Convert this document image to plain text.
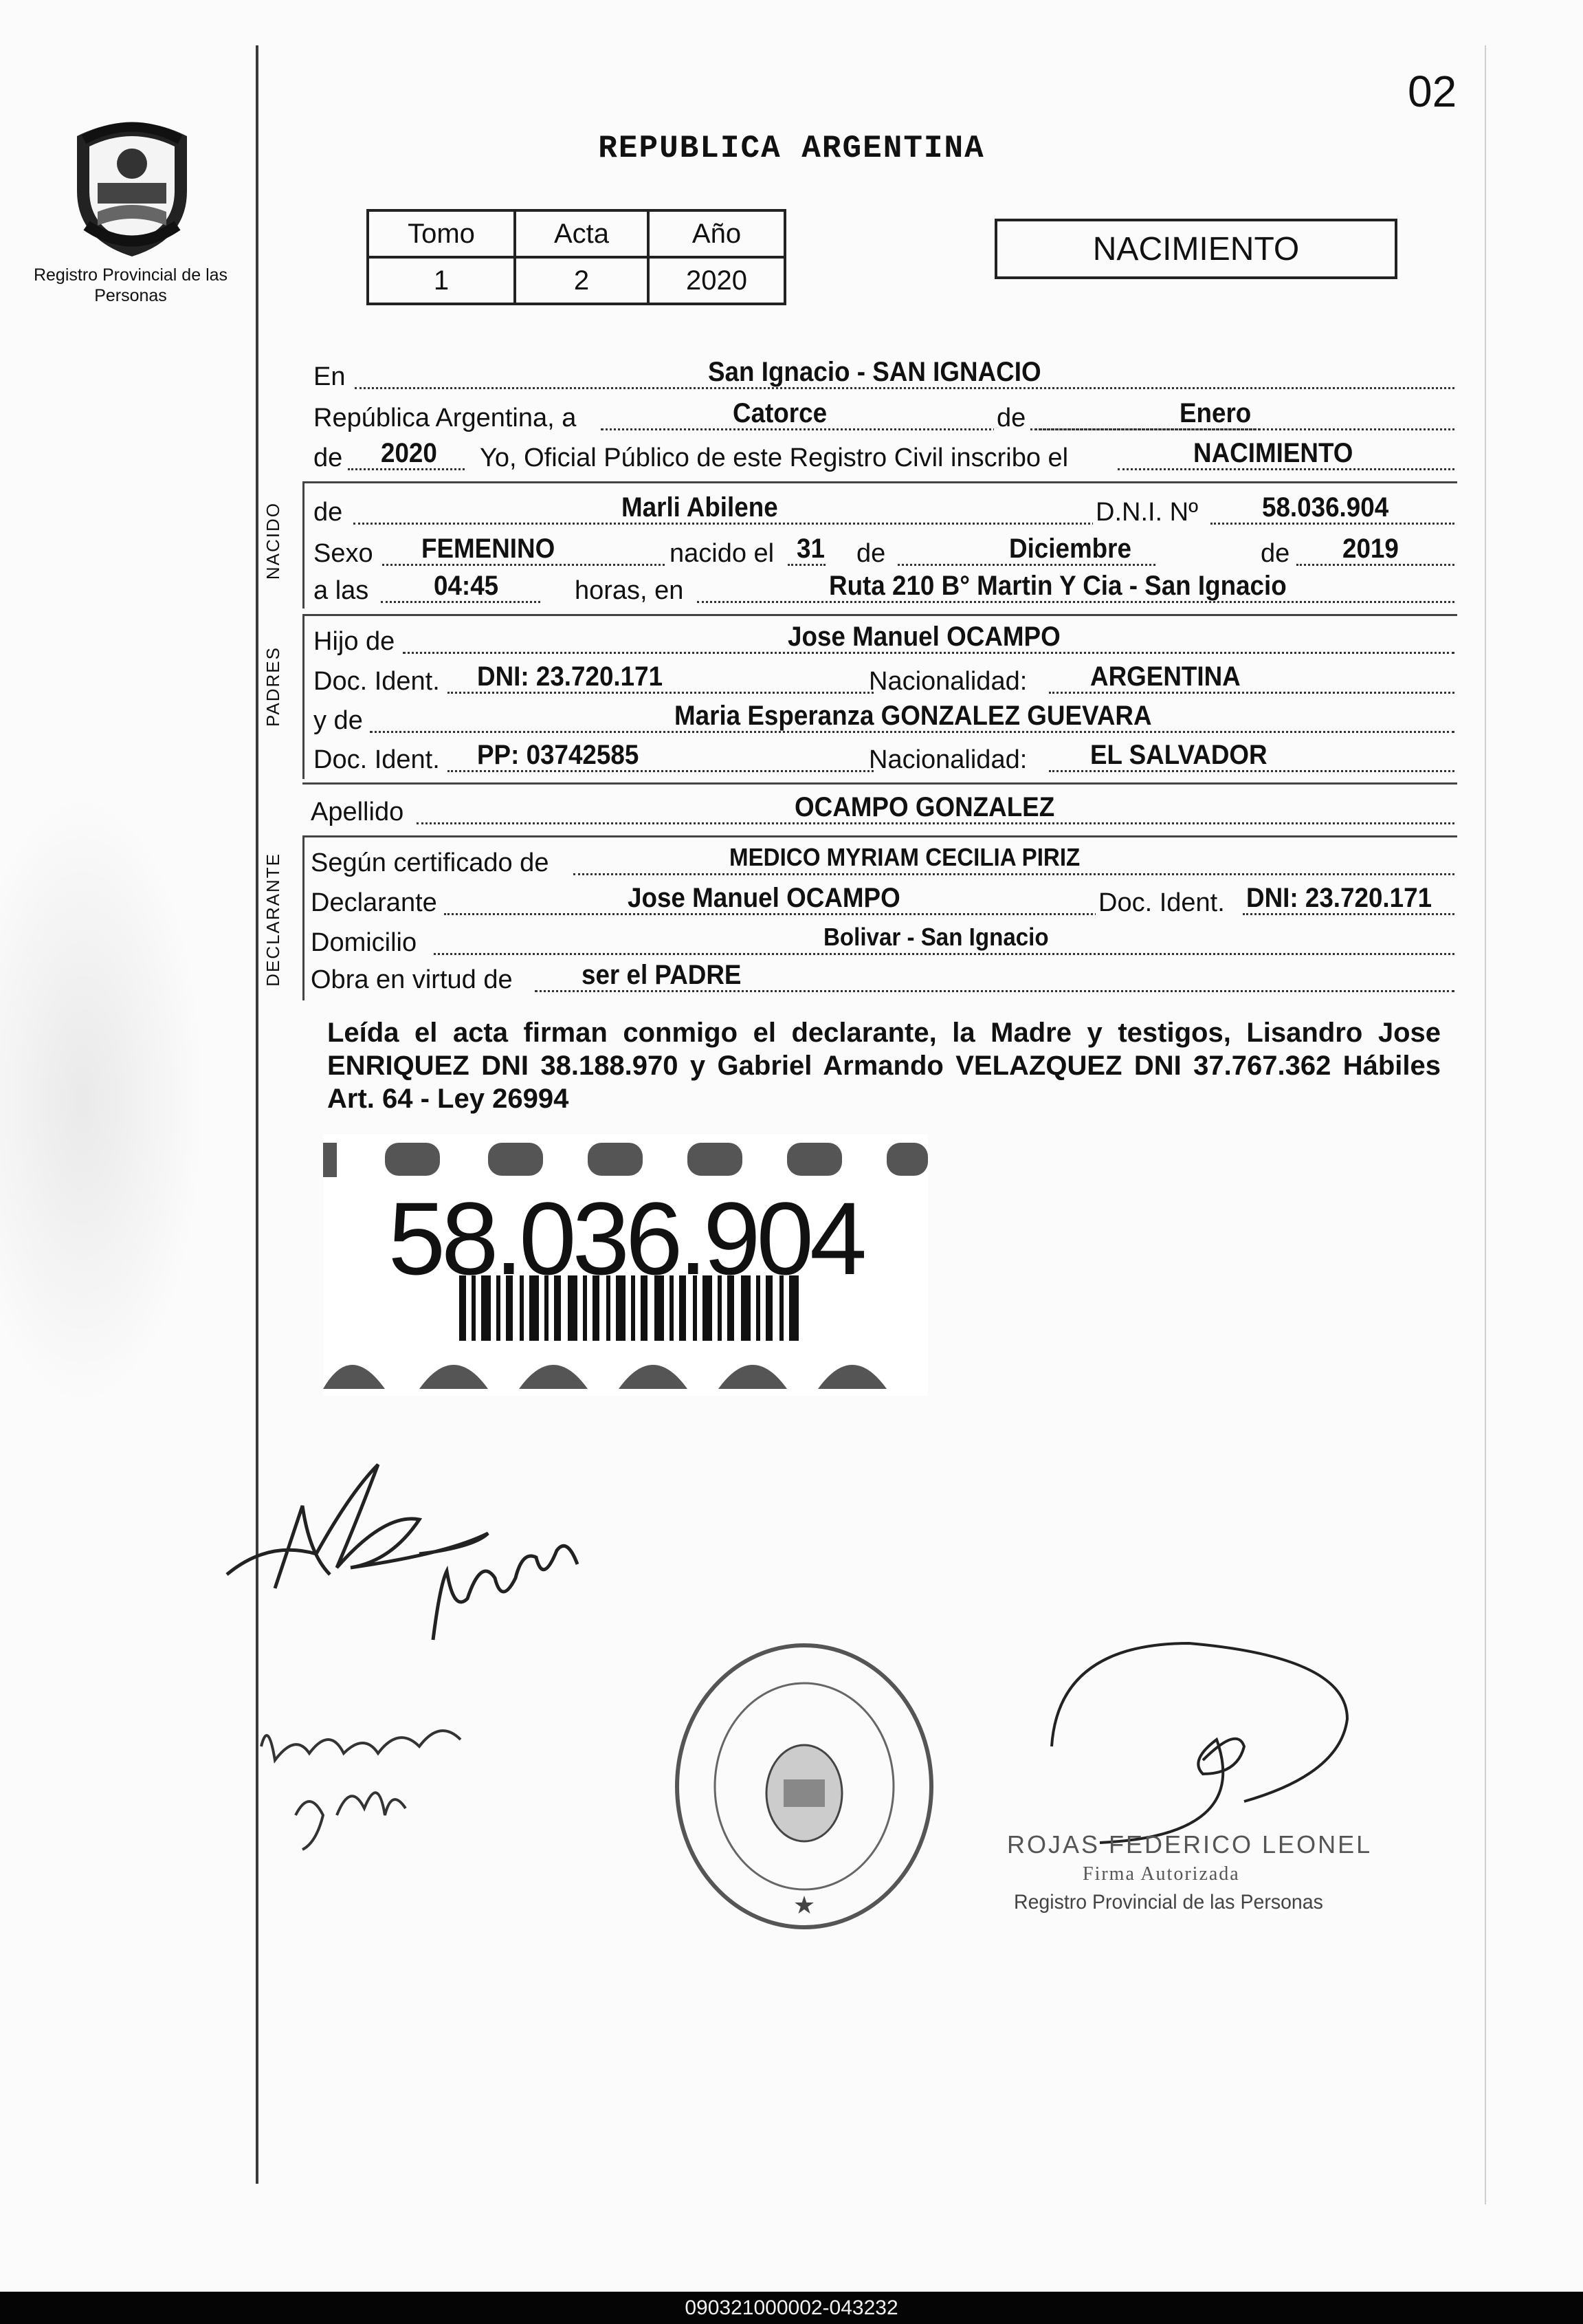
02
Registro Provincial de las Personas
REPUBLICA ARGENTINA
Tomo	Acta	Año
1	2	2020
NACIMIENTO
En	San Ignacio - SAN IGNACIO
República Argentina, a	Catorce	de	Enero
de 2020 Yo, Oficial Público de este Registro Civil inscribo el	NACIMIENTO
NACIDO de	Marli Abilene	D.N.I. Nº 58.036.904
Sexo FEMENINO	nacido el 31 de	Diciembre	de 2019
a las 04:45	horas, en	Ruta 210 B° Martin Y Cia - San Ignacio
PADRES
Hijo de	Jose Manuel OCAMPO
Doc. Ident. DNI: 23.720.171	Nacionalidad: ARGENTINA
y de	Maria Esperanza GONZALEZ GUEVARA
Doc. Ident. PP: 03742585	Nacionalidad: EL SALVADOR
Apellido	OCAMPO GONZALEZ
DECLARANTE Según certificado de	MEDICO MYRIAM CECILIA PIRIZ
Declarante	Jose Manuel OCAMPO	Doc. Ident. DNI: 23.720.171
Domicilio	Bolivar - San Ignacio
Obra en virtud de	ser el PADRE
Leída el acta firman conmigo el declarante, la Madre y testigos, Lisandro Jose ENRIQUEZ DNI 38.188.970 y Gabriel Armando VELAZQUEZ DNI 37.767.362 Hábiles Art. 64 - Ley 26994
58.036.904
★
ROJAS FEDERICO LEONEL
Firma Autorizada
Registro Provincial de las Personas
090321000002-043232
